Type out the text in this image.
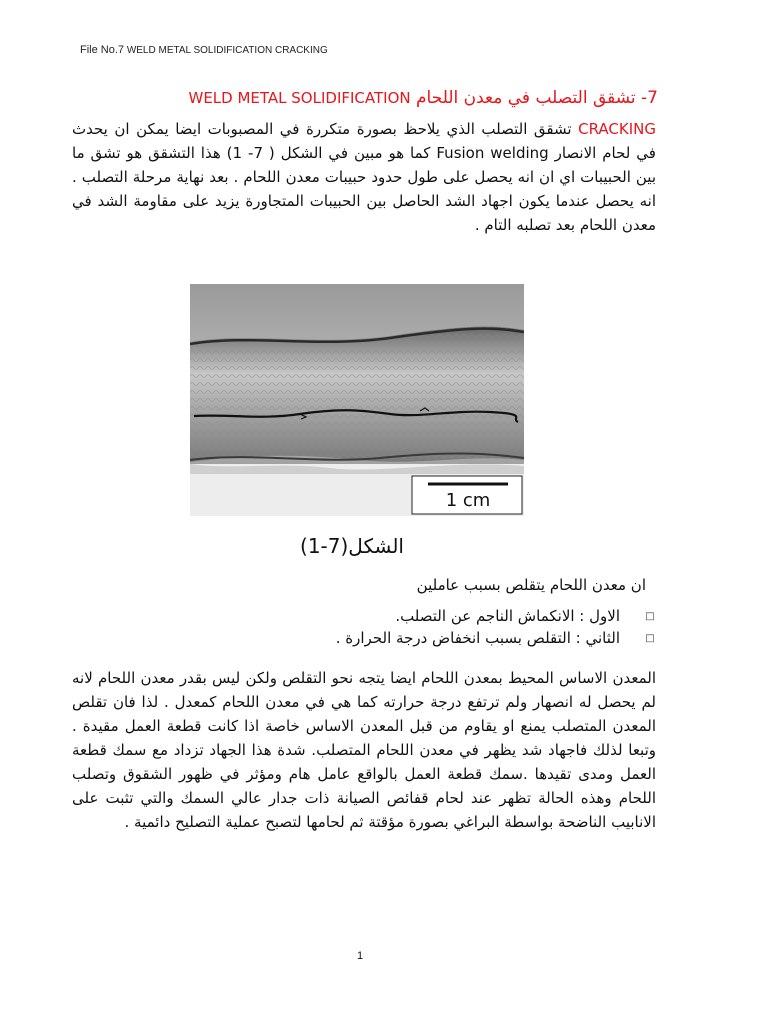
File No.7 WELD METAL SOLIDIFICATION CRACKING
7- تشقق التصلب في معدن اللحام WELD METAL SOLIDIFICATION
CRACKING تشقق التصلب الذي يلاحظ بصورة متكررة في المصبوبات ايضا يمكن ان يحدث في لحام الانصار Fusion welding كما هو مبين في الشكل ( 7- 1) هذا التشقق هو تشق ما بين الحبيبات اي ان انه يحصل على طول حدود حبيبات معدن اللحام . بعد نهاية مرحلة التصلب . انه يحصل عندما يكون اجهاد الشد الحاصل بين الحبيبات المتجاورة يزيد على مقاومة الشد في معدن اللحام بعد تصلبه التام .
1 cm
الشكل(7-1)
ان معدن اللحام يتقلص بسبب عاملين
□
الاول : الانكماش الناجم عن التصلب.
□
الثاني : التقلص بسبب انخفاض درجة الحرارة .
المعدن الاساس المحيط بمعدن اللحام ايضا يتجه نحو التقلص ولكن ليس بقدر معدن اللحام لانه لم يحصل له انصهار ولم ترتفع درجة حرارته كما هي في معدن اللحام كمعدل . لذا فان تقلص المعدن المتصلب يمنع او يقاوم من قبل المعدن الاساس خاصة اذا كانت قطعة العمل مقيدة . وتبعا لذلك فاجهاد شد يظهر في معدن اللحام المتصلب. شدة هذا الجهاد تزداد مع سمك قطعة العمل ومدى تقيدها .سمك قطعة العمل بالواقع عامل هام ومؤثر في ظهور الشقوق وتصلب اللحام وهذه الحالة تظهر عند لحام قفائص الصيانة ذات جدار عالي السمك والتي تثبت على الانابيب الناضحة بواسطة البراغي بصورة مؤقتة ثم لحامها لتصبح عملية التصليح دائمية .
1
